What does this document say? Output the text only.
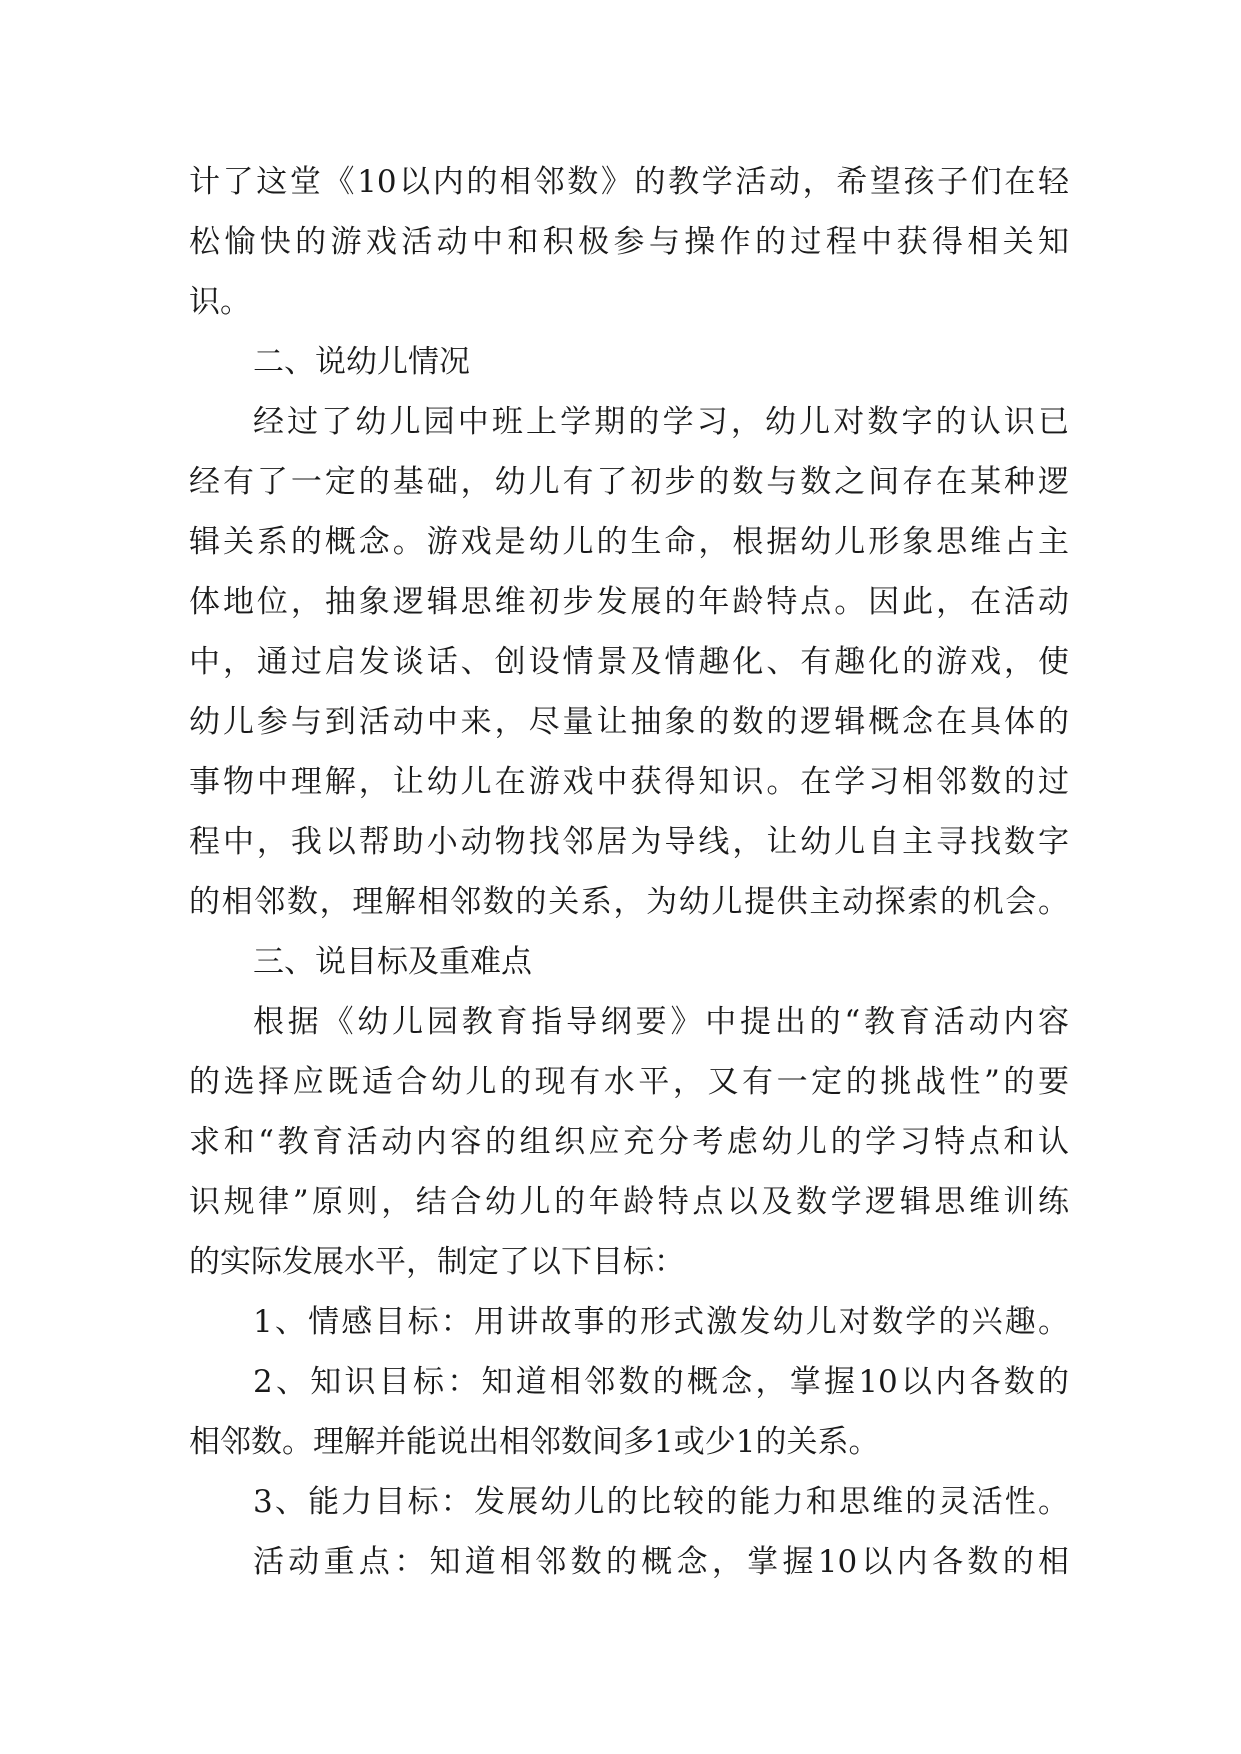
计了这堂《10以内的相邻数》的教学活动，希望孩子们在轻
松愉快的游戏活动中和积极参与操作的过程中获得相关知
识。
二、说幼儿情况
经过了幼儿园中班上学期的学习，幼儿对数字的认识已
经有了一定的基础，幼儿有了初步的数与数之间存在某种逻
辑关系的概念。游戏是幼儿的生命，根据幼儿形象思维占主
体地位，抽象逻辑思维初步发展的年龄特点。因此，在活动
中，通过启发谈话、创设情景及情趣化、有趣化的游戏，使
幼儿参与到活动中来，尽量让抽象的数的逻辑概念在具体的
事物中理解，让幼儿在游戏中获得知识。在学习相邻数的过
程中，我以帮助小动物找邻居为导线，让幼儿自主寻找数字
的相邻数，理解相邻数的关系，为幼儿提供主动探索的机会。
三、说目标及重难点
根据《幼儿园教育指导纲要》中提出的“教育活动内容
的选择应既适合幼儿的现有水平，又有一定的挑战性”的要
求和“教育活动内容的组织应充分考虑幼儿的学习特点和认
识规律”原则，结合幼儿的年龄特点以及数学逻辑思维训练
的实际发展水平，制定了以下目标：
1、情感目标：用讲故事的形式激发幼儿对数学的兴趣。
2、知识目标：知道相邻数的概念，掌握10以内各数的
相邻数。理解并能说出相邻数间多1或少1的关系。
3、能力目标：发展幼儿的比较的能力和思维的灵活性。
活动重点：知道相邻数的概念，掌握10以内各数的相
